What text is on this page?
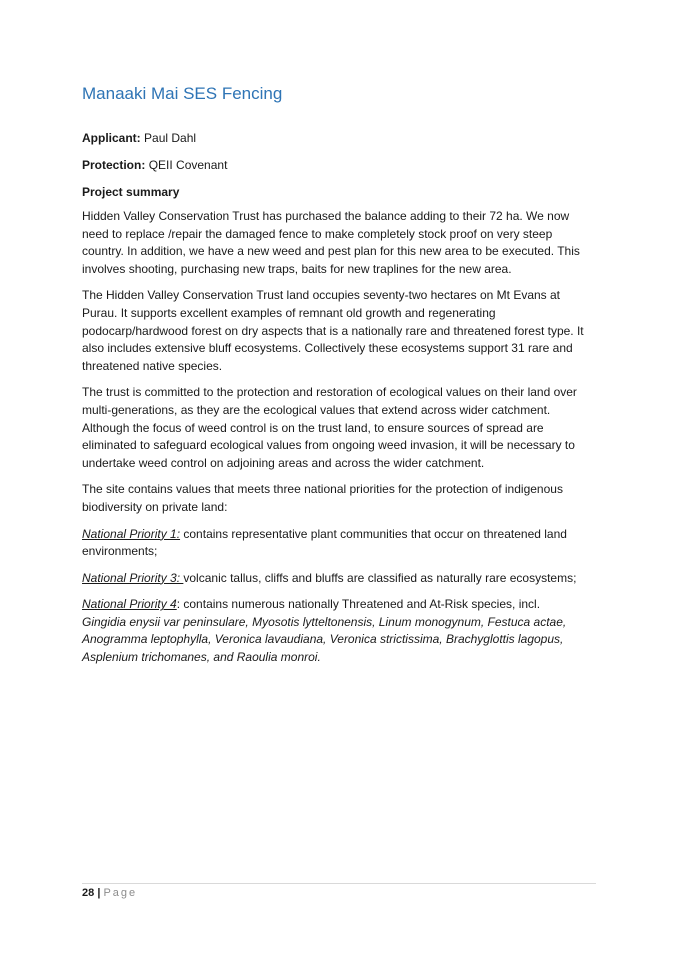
Manaaki Mai SES Fencing
Applicant: Paul Dahl
Protection: QEII Covenant
Project summary

Hidden Valley Conservation Trust has purchased the balance adding to their 72 ha. We now need to replace /repair the damaged fence to make completely stock proof on very steep country. In addition, we have a new weed and pest plan for this new area to be executed. This involves shooting, purchasing new traps, baits for new traplines for the new area.

The Hidden Valley Conservation Trust land occupies seventy-two hectares on Mt Evans at Purau. It supports excellent examples of remnant old growth and regenerating podocarp/hardwood forest on dry aspects that is a nationally rare and threatened forest type. It also includes extensive bluff ecosystems. Collectively these ecosystems support 31 rare and threatened native species.

The trust is committed to the protection and restoration of ecological values on their land over multi-generations, as they are the ecological values that extend across wider catchment. Although the focus of weed control is on the trust land, to ensure sources of spread are eliminated to safeguard ecological values from ongoing weed invasion, it will be necessary to undertake weed control on adjoining areas and across the wider catchment.

The site contains values that meets three national priorities for the protection of indigenous biodiversity on private land:

National Priority 1: contains representative plant communities that occur on threatened land environments;

National Priority 3: volcanic tallus, cliffs and bluffs are classified as naturally rare ecosystems;

National Priority 4: contains numerous nationally Threatened and At-Risk species, incl.
Gingidia enysii var peninsulare, Myosotis lytteltonensis, Linum monogynum, Festuca actae, Anogramma leptophylla, Veronica lavaudiana, Veronica strictissima, Brachyglottis lagopus, Asplenium trichomanes, and Raoulia monroi.

28 | Page
